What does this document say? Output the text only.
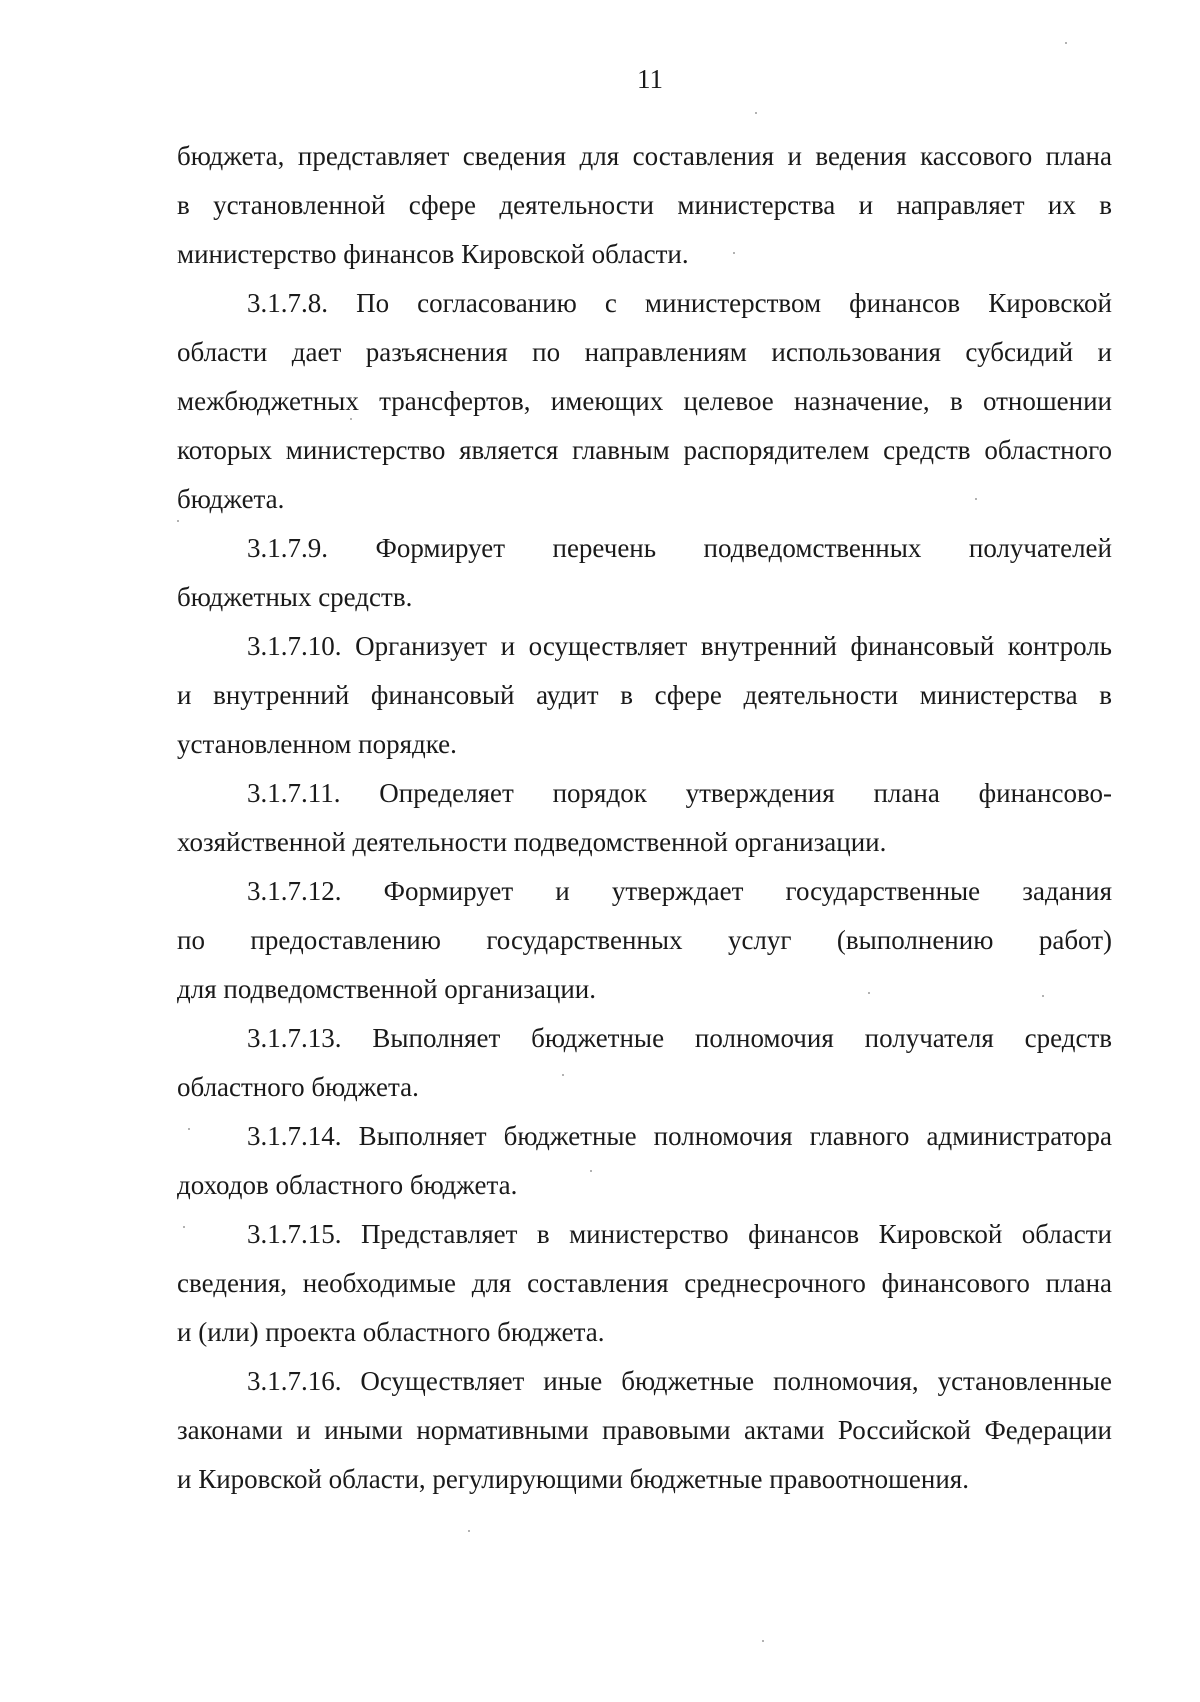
11
бюджета, представляет сведения для составления и ведения кассового плана
в установленной сфере деятельности министерства и направляет их в
министерство финансов Кировской области.
3.1.7.8. По согласованию с министерством финансов Кировской
области дает разъяснения по направлениям использования субсидий и
межбюджетных трансфертов, имеющих целевое назначение, в отношении
которых министерство является главным распорядителем средств областного
бюджета.
3.1.7.9. Формирует перечень подведомственных получателей
бюджетных средств.
3.1.7.10. Организует и осуществляет внутренний финансовый контроль
и внутренний финансовый аудит в сфере деятельности министерства в
установленном порядке.
3.1.7.11. Определяет порядок утверждения плана финансово-
хозяйственной деятельности подведомственной организации.
3.1.7.12. Формирует и утверждает государственные задания
по предоставлению государственных услуг (выполнению работ)
для подведомственной организации.
3.1.7.13. Выполняет бюджетные полномочия получателя средств
областного бюджета.
3.1.7.14. Выполняет бюджетные полномочия главного администратора
доходов областного бюджета.
3.1.7.15. Представляет в министерство финансов Кировской области
сведения, необходимые для составления среднесрочного финансового плана
и (или) проекта областного бюджета.
3.1.7.16. Осуществляет иные бюджетные полномочия, установленные
законами и иными нормативными правовыми актами Российской Федерации
и Кировской области, регулирующими бюджетные правоотношения.
